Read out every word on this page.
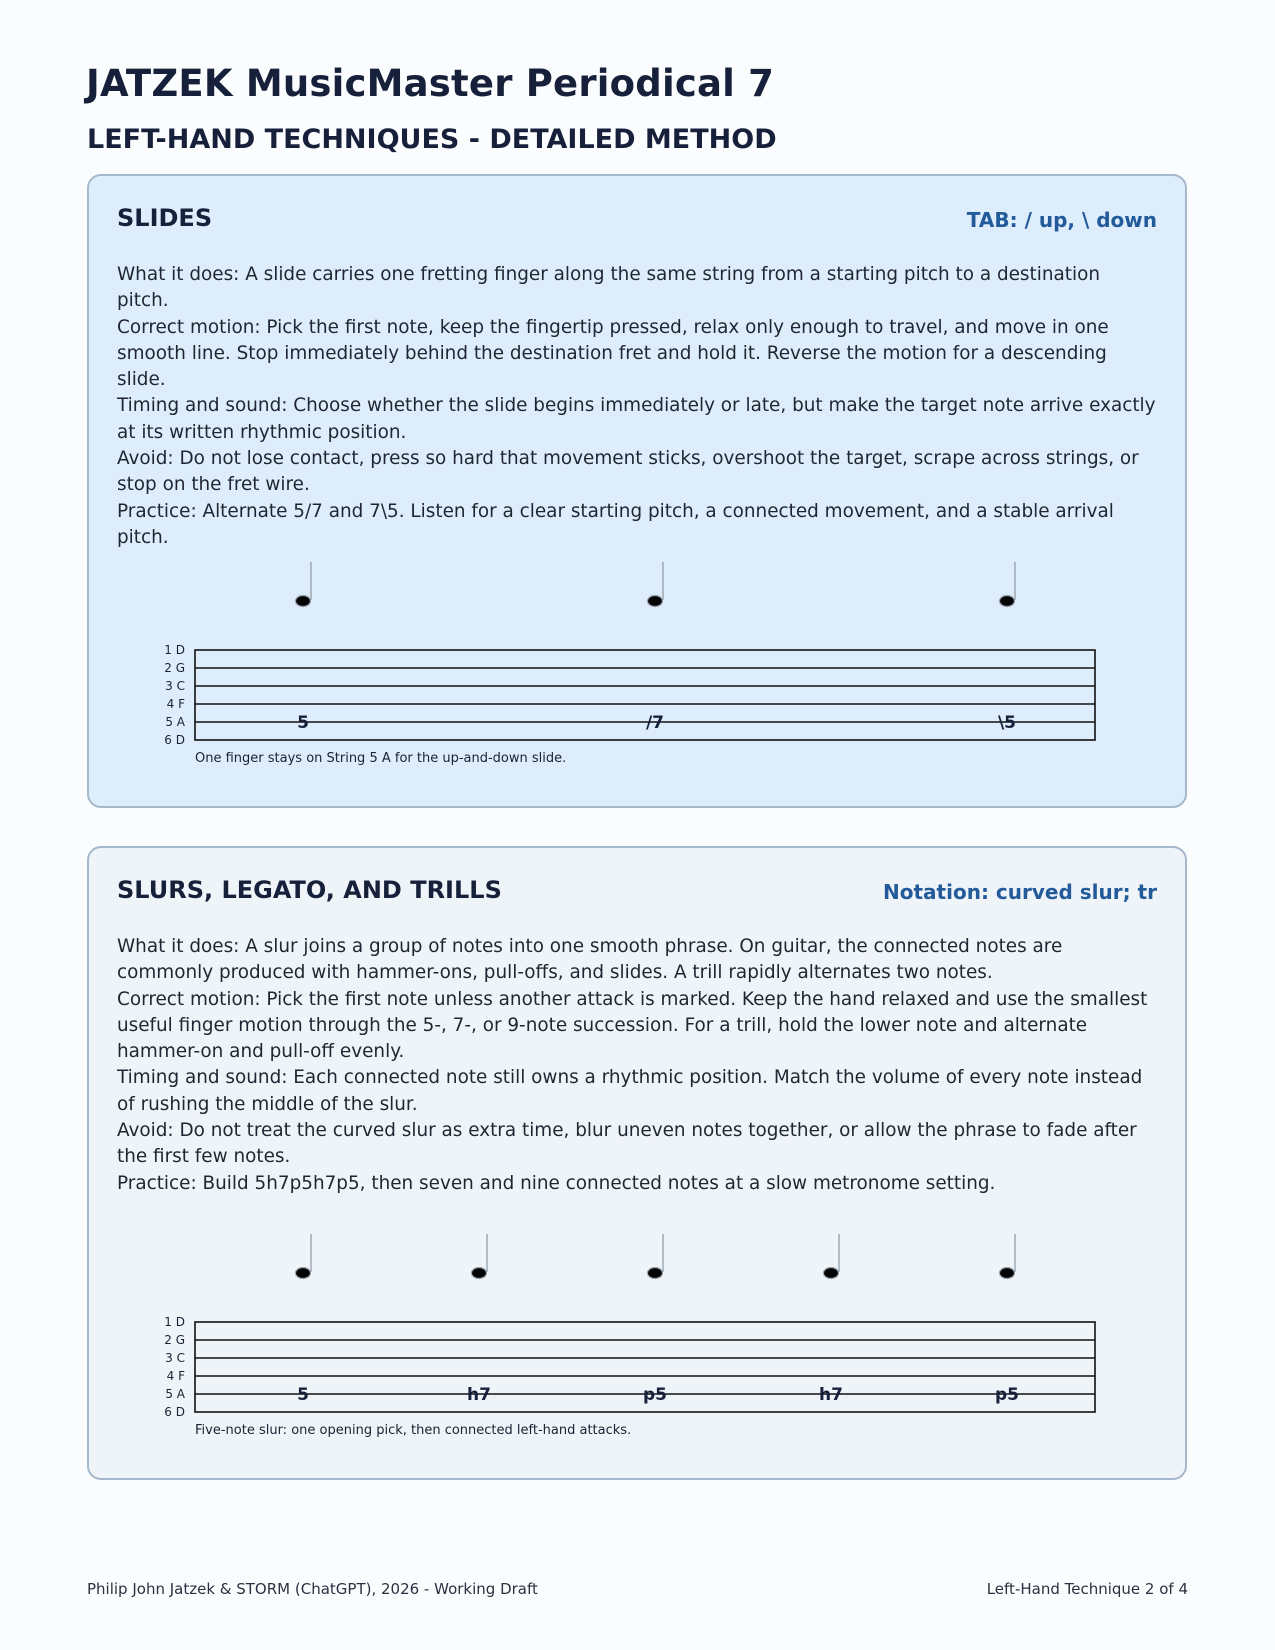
JATZEK MusicMaster Periodical 7
LEFT-HAND TECHNIQUES - DETAILED METHOD
SLIDES	TAB: / up, \ down

What it does: A slide carries one fretting finger along the same string from a starting pitch to a destination pitch.

Correct motion: Pick the first note, keep the fingertip pressed, relax only enough to travel, and move in one smooth line. Stop immediately behind the destination fret and hold it. Reverse the motion for a descending slide.

Timing and sound: Choose whether the slide begins immediately or late, but make the target note arrive exactly at its written rhythmic position.

Avoid: Do not lose contact, press so hard that movement sticks, overshoot the target, scrape across strings, or stop on the fret wire.

Practice: Alternate 5/7 and 7\5. Listen for a clear starting pitch, a connected movement, and a stable arrival pitch.

1 D
2 G
3 C
4 F
5 A
6 D
5	/7	\5
One finger stays on String 5 A for the up-and-down slide.
SLURS, LEGATO, AND TRILLS	Notation: curved slur; tr

What it does: A slur joins a group of notes into one smooth phrase. On guitar, the connected notes are commonly produced with hammer-ons, pull-offs, and slides. A trill rapidly alternates two notes.

Correct motion: Pick the first note unless another attack is marked. Keep the hand relaxed and use the smallest useful finger motion through the 5-, 7-, or 9-note succession. For a trill, hold the lower note and alternate hammer-on and pull-off evenly.

Timing and sound: Each connected note still owns a rhythmic position. Match the volume of every note instead of rushing the middle of the slur.

Avoid: Do not treat the curved slur as extra time, blur uneven notes together, or allow the phrase to fade after the first few notes.

Practice: Build 5h7p5h7p5, then seven and nine connected notes at a slow metronome setting.

1 D
2 G
3 C
4 F
5 A
6 D
5	h7	p5	h7	p5
Five-note slur: one opening pick, then connected left-hand attacks.
Philip John Jatzek & STORM (ChatGPT), 2026 - Working Draft	Left-Hand Technique 2 of 4
